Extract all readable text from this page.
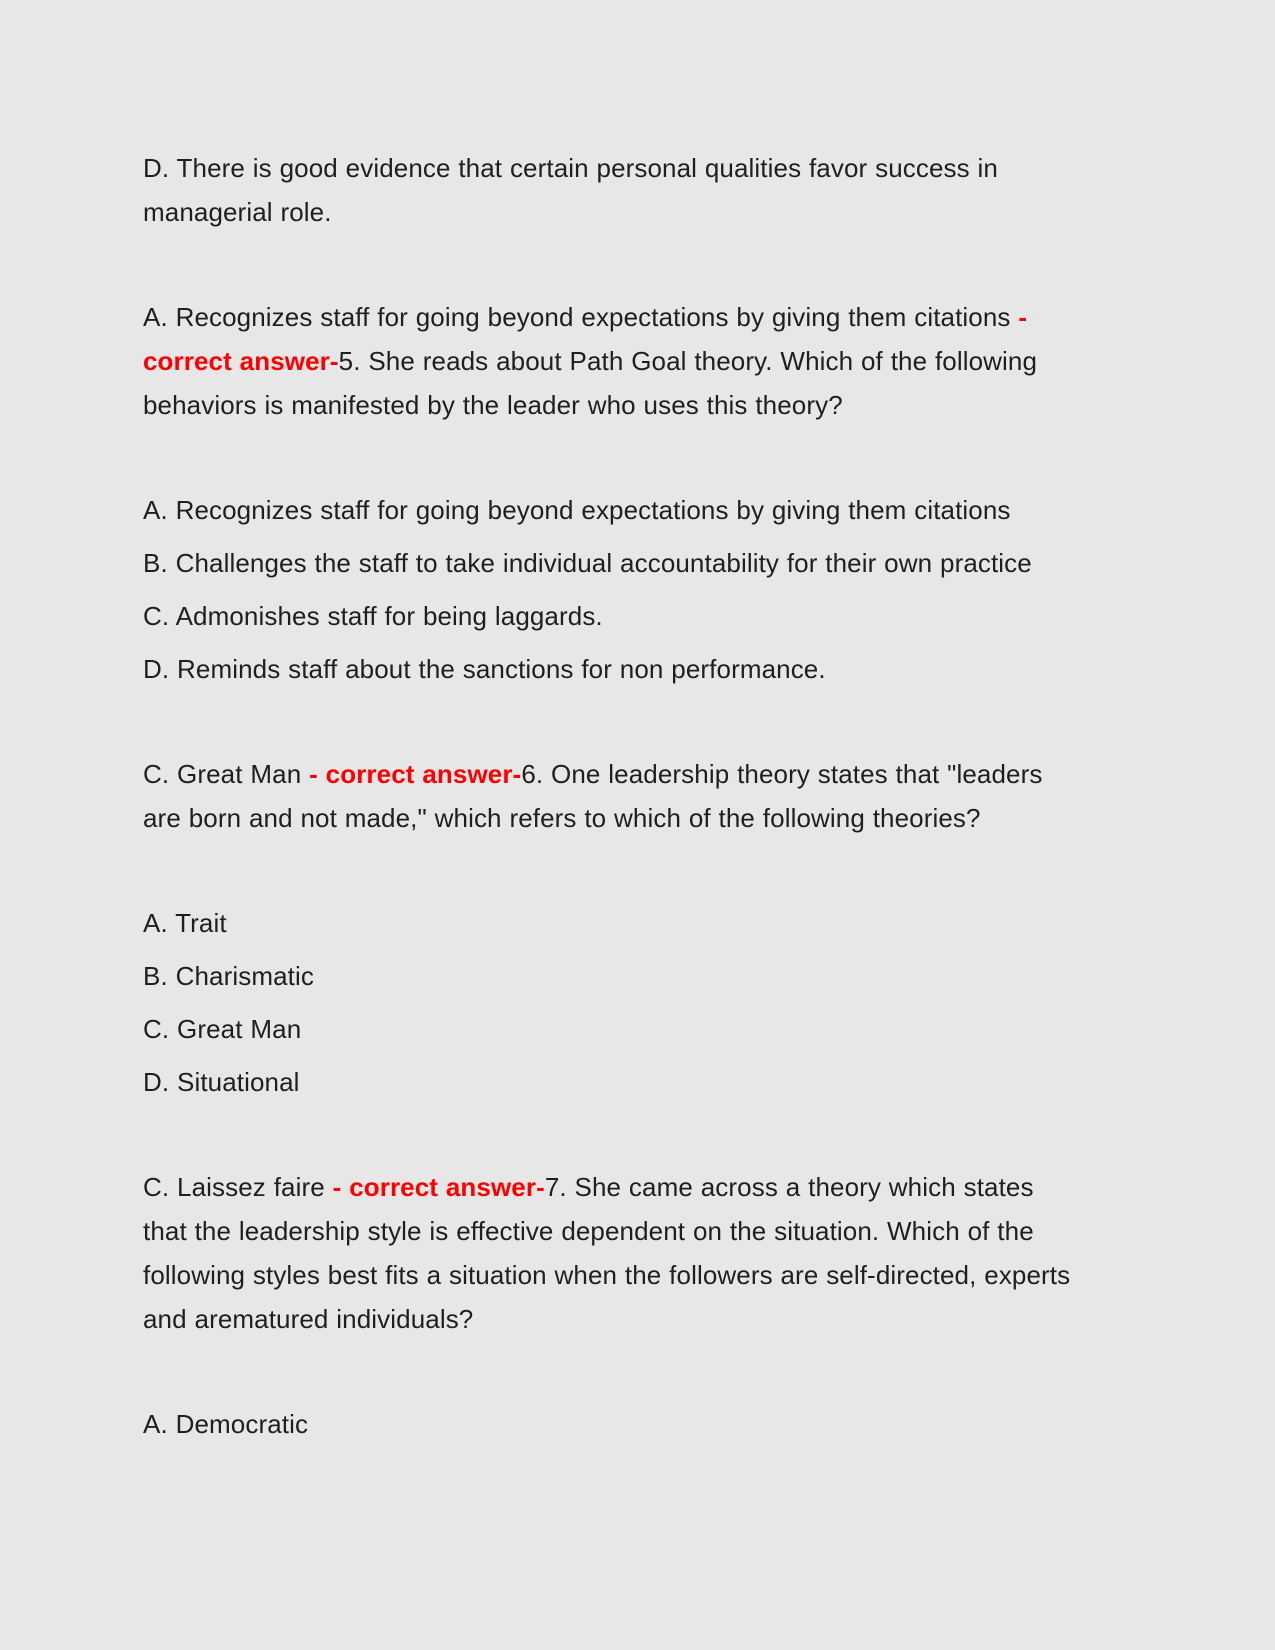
D. There is good evidence that certain personal qualities favor success in managerial role.

A. Recognizes staff for going beyond expectations by giving them citations - correct answer-5. She reads about Path Goal theory. Which of the following behaviors is manifested by the leader who uses this theory?

A. Recognizes staff for going beyond expectations by giving them citations

B. Challenges the staff to take individual accountability for their own practice

C. Admonishes staff for being laggards.

D. Reminds staff about the sanctions for non performance.

C. Great Man - correct answer-6. One leadership theory states that "leaders are born and not made," which refers to which of the following theories?

A. Trait

B. Charismatic

C. Great Man

D. Situational

C. Laissez faire - correct answer-7. She came across a theory which states that the leadership style is effective dependent on the situation. Which of the following styles best fits a situation when the followers are self-directed, experts and arematured individuals?

A. Democratic
